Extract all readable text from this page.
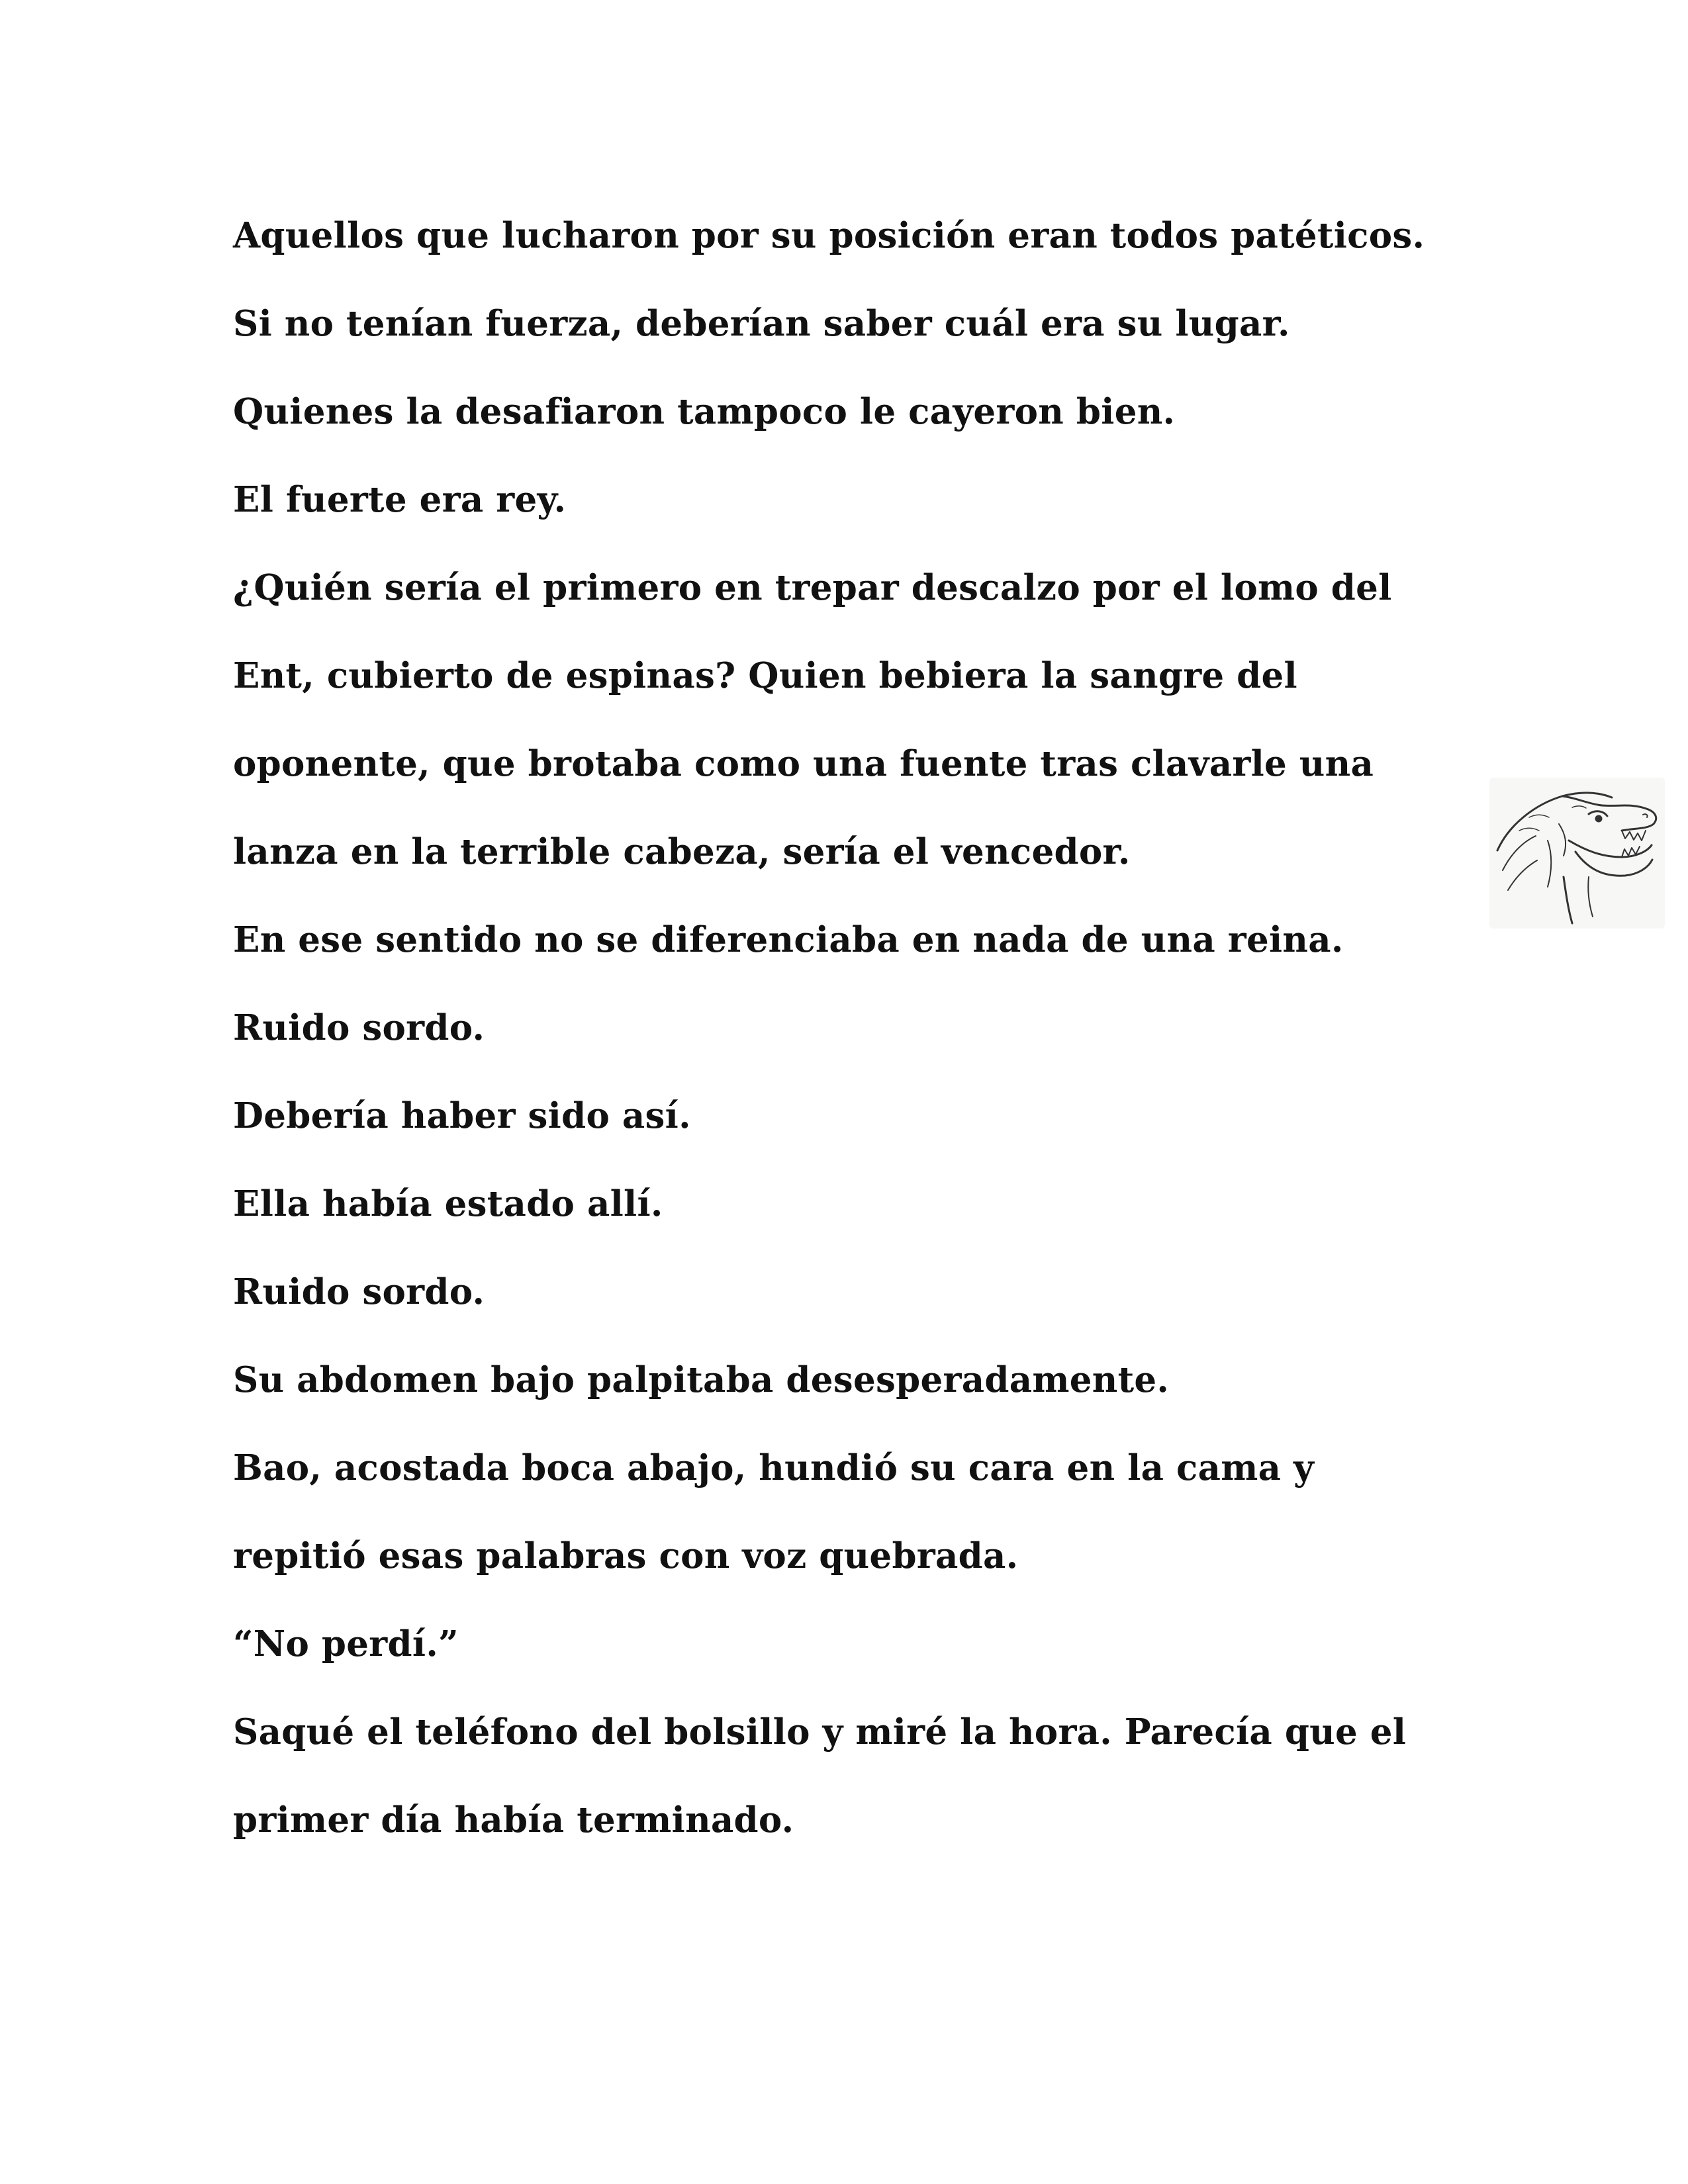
Aquellos que lucharon por su posición eran todos patéticos. Si no tenían fuerza, deberían saber cuál era su lugar. Quienes la desafiaron tampoco le cayeron bien.

El fuerte era rey.

¿Quién sería el primero en trepar descalzo por el lomo del Ent, cubierto de espinas? Quien bebiera la sangre del oponente, que brotaba como una fuente tras clavarle una lanza en la terrible cabeza, sería el vencedor.

En ese sentido no se diferenciaba en nada de una reina.

Ruido sordo.

Debería haber sido así.

Ella había estado allí.

Ruido sordo.

Su abdomen bajo palpitaba desesperadamente.

Bao, acostada boca abajo, hundió su cara en la cama y repitió esas palabras con voz quebrada.

“No perdí.”

Saqué el teléfono del bolsillo y miré la hora. Parecía que el primer día había terminado.
